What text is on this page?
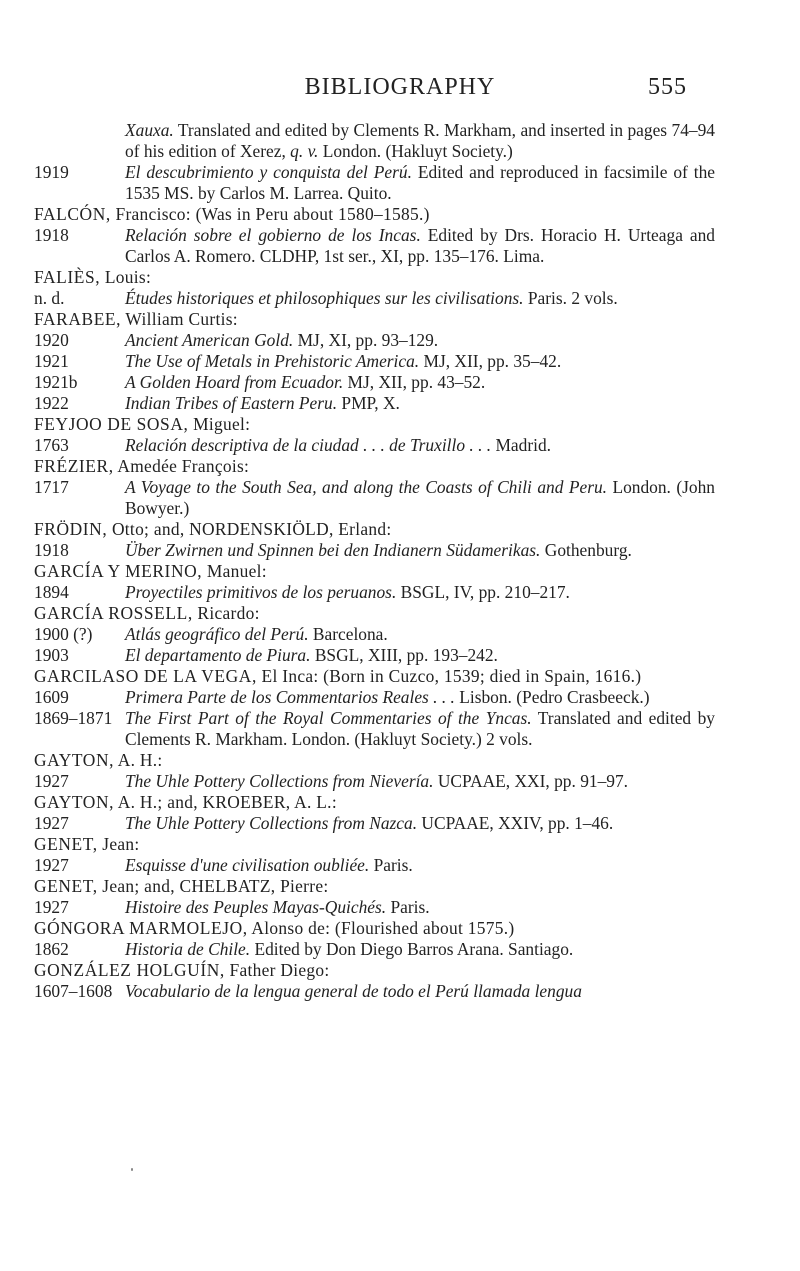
BIBLIOGRAPHY	555
Xauxa. Translated and edited by Clements R. Markham, and inserted in pages 74–94 of his edition of Xerez, q. v. London. (Hakluyt Society.)
1919	El descubrimiento y conquista del Perú. Edited and reproduced in facsimile of the 1535 MS. by Carlos M. Larrea. Quito.
FALCÓN, Francisco: (Was in Peru about 1580–1585.)
1918	Relación sobre el gobierno de los Incas. Edited by Drs. Horacio H. Urteaga and Carlos A. Romero. CLDHP, 1st ser., XI, pp. 135–176. Lima.
FALIÈS, Louis:
n. d.	Études historiques et philosophiques sur les civilisations. Paris. 2 vols.
FARABEE, William Curtis:
1920	Ancient American Gold. MJ, XI, pp. 93–129.
1921	The Use of Metals in Prehistoric America. MJ, XII, pp. 35–42.
1921b	A Golden Hoard from Ecuador. MJ, XII, pp. 43–52.
1922	Indian Tribes of Eastern Peru. PMP, X.
FEYJOO DE SOSA, Miguel:
1763	Relación descriptiva de la ciudad . . . de Truxillo . . . Madrid.
FRÉZIER, Amedée François:
1717	A Voyage to the South Sea, and along the Coasts of Chili and Peru. London. (John Bowyer.)
FRÖDIN, Otto; and, NORDENSKIÖLD, Erland:
1918	Über Zwirnen und Spinnen bei den Indianern Südamerikas. Gothenburg.
GARCÍA Y MERINO, Manuel:
1894	Proyectiles primitivos de los peruanos. BSGL, IV, pp. 210–217.
GARCÍA ROSSELL, Ricardo:
1900 (?) Atlás geográfico del Perú. Barcelona.
1903	El departamento de Piura. BSGL, XIII, pp. 193–242.
GARCILASO DE LA VEGA, El Inca: (Born in Cuzco, 1539; died in Spain, 1616.)
1609	Primera Parte de los Commentarios Reales . . . Lisbon. (Pedro Crasbeeck.)
1869–1871 The First Part of the Royal Commentaries of the Yncas. Translated and edited by Clements R. Markham. London. (Hakluyt Society.) 2 vols.
GAYTON, A. H.:
1927	The Uhle Pottery Collections from Nievería. UCPAAE, XXI, pp. 91–97.
GAYTON, A. H.; and, KROEBER, A. L.:
1927	The Uhle Pottery Collections from Nazca. UCPAAE, XXIV, pp. 1–46.
GENET, Jean:
1927	Esquisse d'une civilisation oubliée. Paris.
GENET, Jean; and, CHELBATZ, Pierre:
1927	Histoire des Peuples Mayas-Quichés. Paris.
GÓNGORA MARMOLEJO, Alonso de: (Flourished about 1575.)
1862	Historia de Chile. Edited by Don Diego Barros Arana. Santiago.
GONZÁLEZ HOLGUÍN, Father Diego:
1607–1608 Vocabulario de la lengua general de todo el Perú llamada lengua
